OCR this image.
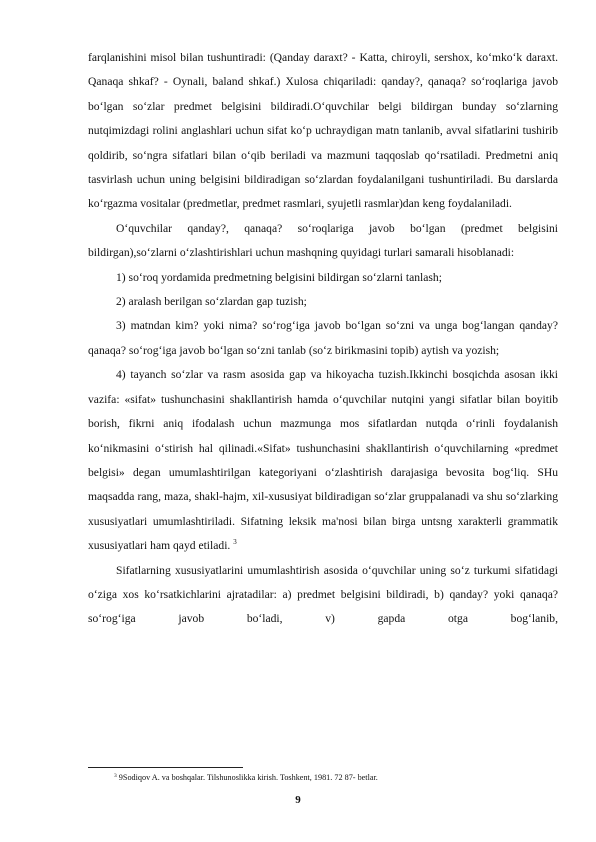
farqlanishini misol bilan tushuntiradi: (Qanday daraxt? - Katta, chiroyli, sershox, ko‘mko‘k daraxt. Qanaqa shkaf? - Oynali, baland shkaf.) Xulosa chiqariladi: qanday?, qanaqa? so‘roqlariga javob bo‘lgan so‘zlar predmet belgisini bildiradi.O‘quvchilar belgi bildirgan bunday so‘zlarning nutqimizdagi rolini anglashlari uchun sifat ko‘p uchraydigan matn tanlanib, avval sifatlarini tushirib qoldirib, so‘ngra sifatlari bilan o‘qib beriladi va mazmuni taqqoslab qo‘rsatiladi. Predmetni aniq tasvirlash uchun uning belgisini bildiradigan so‘zlardan foydalanilgani tushuntiriladi. Bu darslarda ko‘rgazma vositalar (predmetlar, predmet rasmlari, syujetli rasmlar)dan keng foydalaniladi.

O‘quvchilar qanday?, qanaqa? so‘roqlariga javob bo‘lgan (predmet belgisini bildirgan),so‘zlarni o‘zlashtirishlari uchun mashqning quyidagi turlari samarali hisoblanadi:

1) so‘roq yordamida predmetning belgisini bildirgan so‘zlarni tanlash;

2) aralash berilgan so‘zlardan gap tuzish;

3) matndan kim? yoki nima? so‘rog‘iga javob bo‘lgan so‘zni va unga bog‘langan qanday? qanaqa? so‘rog‘iga javob bo‘lgan so‘zni tanlab (so‘z birikmasini topib) aytish va yozish;

4) tayanch so‘zlar va rasm asosida gap va hikoyacha tuzish.Ikkinchi bosqichda asosan ikki vazifa: «sifat» tushunchasini shakllantirish hamda o‘quvchilar nutqini yangi sifatlar bilan boyitib borish, fikrni aniq ifodalash uchun mazmunga mos sifatlardan nutqda o‘rinli foydalanish ko‘nikmasini o‘stirish hal qilinadi.«Sifat» tushunchasini shakllantirish o‘quvchilarning «predmet belgisi» degan umumlashtirilgan kategoriyani o‘zlashtirish darajasiga bevosita bog‘liq. SHu maqsadda rang, maza, shakl-hajm, xil-xususiyat bildiradigan so‘zlar gruppalanadi va shu so‘zlarking xususiyatlari umumlashtiriladi. Sifatning leksik ma'nosi bilan birga untsng xarakterli grammatik xususiyatlari ham qayd etiladi. $^3$

Sifatlarning xususiyatlarini umumlashtirish asosida o‘quvchilar uning so‘z turkumi sifatidagi o‘ziga xos ko‘rsatkichlarini ajratadilar: a) predmet belgisini bildiradi, b) qanday? yoki qanaqa? so‘rog‘iga javob bo‘ladi, v) gapda otga bog‘lanib,

$^3$ 9Sodiqov A. va boshqalar. Tilshunoslikka kirish. Toshkent, 1981. 72 87- betlar.
9
